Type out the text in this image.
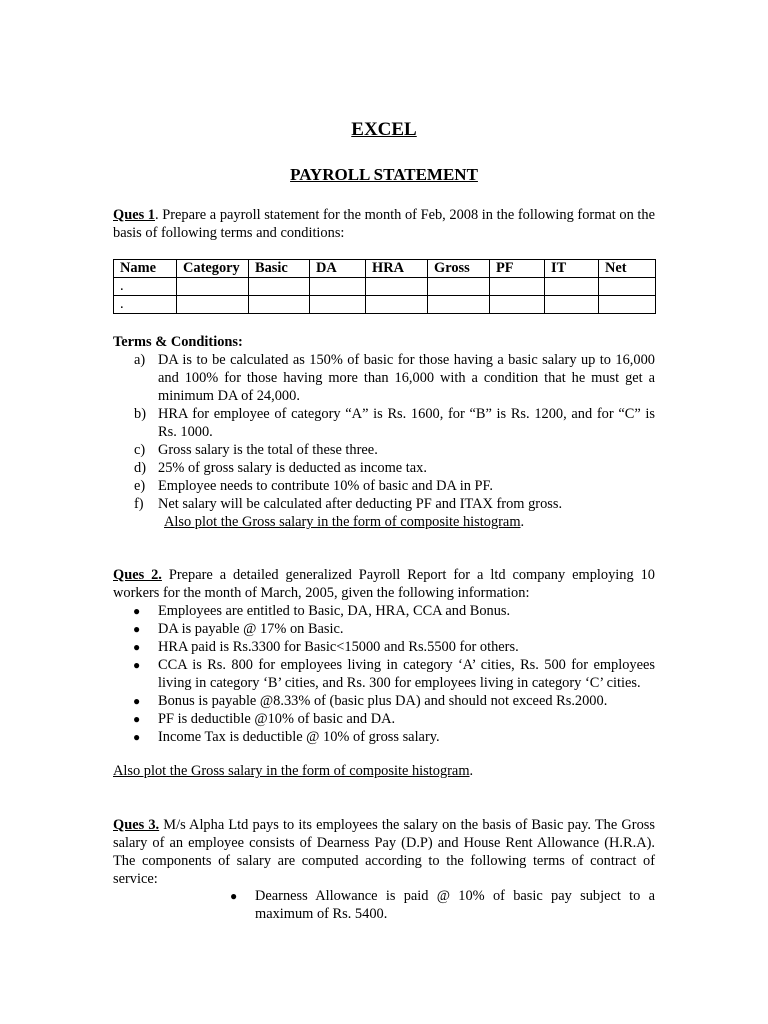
EXCEL
PAYROLL STATEMENT
Ques 1. Prepare a payroll statement for the month of Feb, 2008 in the following format on the basis of following terms and conditions:
Name	Category	Basic	DA	HRA	Gross	PF	IT	Net
.								
.								
Terms & Conditions:
a) DA is to be calculated as 150% of basic for those having a basic salary up to 16,000 and 100% for those having more than 16,000 with a condition that he must get a minimum DA of 24,000.
b) HRA for employee of category “A” is Rs. 1600, for “B” is Rs. 1200, and for “C” is Rs. 1000.
c) Gross salary is the total of these three.
d) 25% of gross salary is deducted as income tax.
e) Employee needs to contribute 10% of basic and DA in PF.
f) Net salary will be calculated after deducting PF and ITAX from gross.
Also plot the Gross salary in the form of composite histogram.
Ques 2. Prepare a detailed generalized Payroll Report for a ltd company employing 10 workers for the month of March, 2005, given the following information:
● Employees are entitled to Basic, DA, HRA, CCA and Bonus.
● DA is payable @ 17% on Basic.
● HRA paid is Rs.3300 for Basic<15000 and Rs.5500 for others.
● CCA is Rs. 800 for employees living in category ‘A’ cities, Rs. 500 for employees living in category ‘B’ cities, and Rs. 300 for employees living in category ‘C’ cities.
● Bonus is payable @8.33% of (basic plus DA) and should not exceed Rs.2000.
● PF is deductible @10% of basic and DA.
● Income Tax is deductible @ 10% of gross salary.
Also plot the Gross salary in the form of composite histogram.
Ques 3. M/s Alpha Ltd pays to its employees the salary on the basis of Basic pay. The Gross salary of an employee consists of Dearness Pay (D.P) and House Rent Allowance (H.R.A). The components of salary are computed according to the following terms of contract of service:
● Dearness Allowance is paid @ 10% of basic pay subject to a maximum of Rs. 5400.
